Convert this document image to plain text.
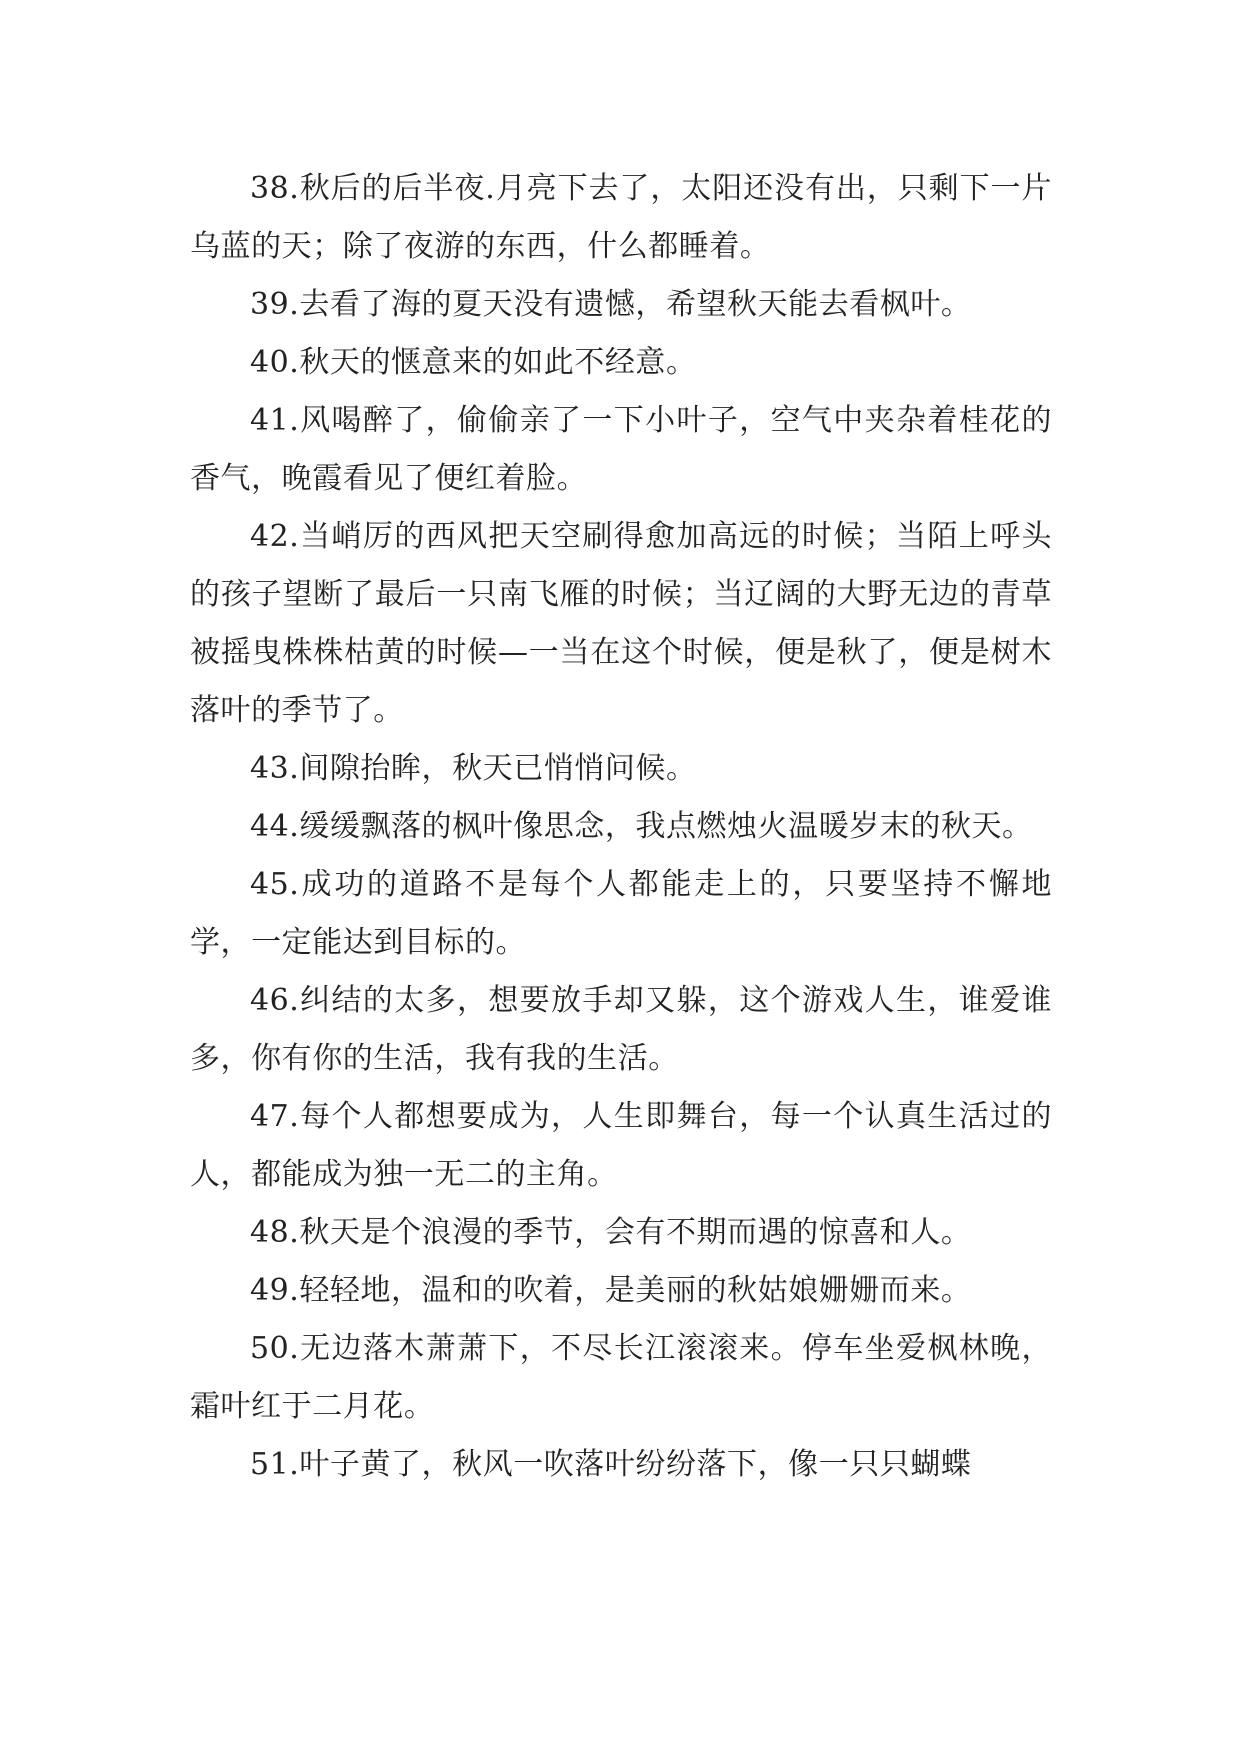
38.秋后的后半夜.月亮下去了，太阳还没有出，只剩下一片乌蓝的天；除了夜游的东西，什么都睡着。

39.去看了海的夏天没有遗憾，希望秋天能去看枫叶。

40.秋天的惬意来的如此不经意。

41.风喝醉了，偷偷亲了一下小叶子，空气中夹杂着桂花的香气，晚霞看见了便红着脸。

42.当峭厉的西风把天空刷得愈加高远的时候；当陌上呼头的孩子望断了最后一只南飞雁的时候；当辽阔的大野无边的青草被摇曳株株枯黄的时候—一当在这个时候，便是秋了，便是树木落叶的季节了。

43.间隙抬眸，秋天已悄悄问候。

44.缓缓飘落的枫叶像思念，我点燃烛火温暖岁末的秋天。

45.成功的道路不是每个人都能走上的，只要坚持不懈地学，一定能达到目标的。

46.纠结的太多，想要放手却又躲，这个游戏人生，谁爱谁多，你有你的生活，我有我的生活。

47.每个人都想要成为，人生即舞台，每一个认真生活过的人，都能成为独一无二的主角。

48.秋天是个浪漫的季节，会有不期而遇的惊喜和人。

49.轻轻地，温和的吹着，是美丽的秋姑娘姗姗而来。

50.无边落木萧萧下，不尽长江滚滚来。停车坐爱枫林晚，霜叶红于二月花。

51.叶子黄了，秋风一吹落叶纷纷落下，像一只只蝴蝶
